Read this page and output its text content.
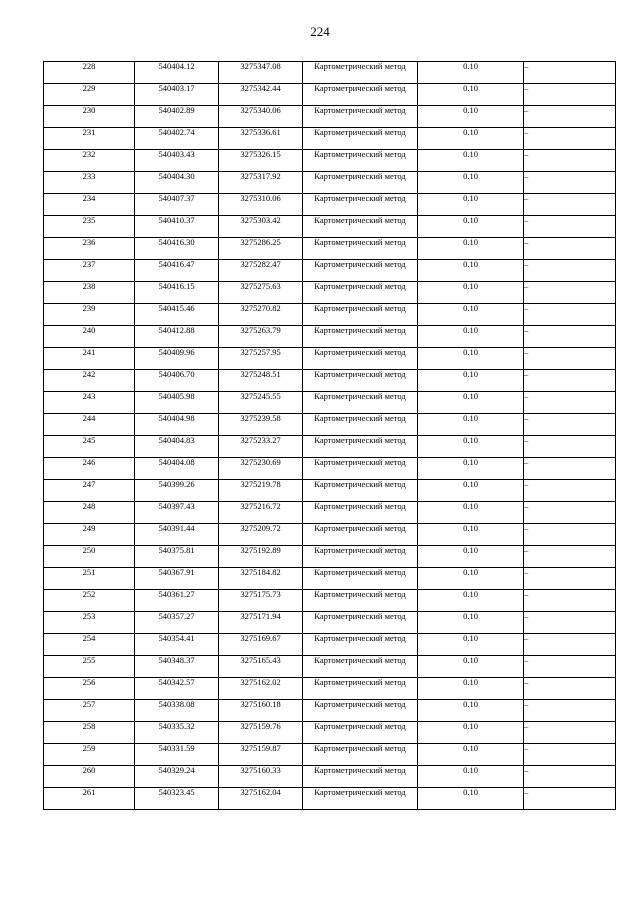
224
228	540404.12	3275347.08	Картометрический метод	0.10	–
229	540403.17	3275342.44	Картометрический метод	0.10	–
230	540402.89	3275340.06	Картометрический метод	0.10	–
231	540402.74	3275336.61	Картометрический метод	0.10	–
232	540403.43	3275326.15	Картометрический метод	0.10	–
233	540404.30	3275317.92	Картометрический метод	0.10	–
234	540407.37	3275310.06	Картометрический метод	0.10	–
235	540410.37	3275303.42	Картометрический метод	0.10	–
236	540416.30	3275286.25	Картометрический метод	0.10	–
237	540416.47	3275282.47	Картометрический метод	0.10	–
238	540416.15	3275275.63	Картометрический метод	0.10	–
239	540415.46	3275270.82	Картометрический метод	0.10	–
240	540412.88	3275263.79	Картометрический метод	0.10	–
241	540409.96	3275257.95	Картометрический метод	0.10	–
242	540406.70	3275248.51	Картометрический метод	0.10	–
243	540405.98	3275245.55	Картометрический метод	0.10	–
244	540404.98	3275239.58	Картометрический метод	0.10	–
245	540404.83	3275233.27	Картометрический метод	0.10	–
246	540404.08	3275230.69	Картометрический метод	0.10	–
247	540399.26	3275219.78	Картометрический метод	0.10	–
248	540397.43	3275216.72	Картометрический метод	0.10	–
249	540391.44	3275209.72	Картометрический метод	0.10	–
250	540375.81	3275192.89	Картометрический метод	0.10	–
251	540367.91	3275184.82	Картометрический метод	0.10	–
252	540361.27	3275175.73	Картометрический метод	0.10	–
253	540357.27	3275171.94	Картометрический метод	0.10	–
254	540354.41	3275169.67	Картометрический метод	0.10	–
255	540348.37	3275165.43	Картометрический метод	0.10	–
256	540342.57	3275162.02	Картометрический метод	0.10	–
257	540338.08	3275160.18	Картометрический метод	0.10	–
258	540335.32	3275159.76	Картометрический метод	0.10	–
259	540331.59	3275159.87	Картометрический метод	0.10	–
260	540329.24	3275160.33	Картометрический метод	0.10	–
261	540323.45	3275162.04	Картометрический метод	0.10	–
